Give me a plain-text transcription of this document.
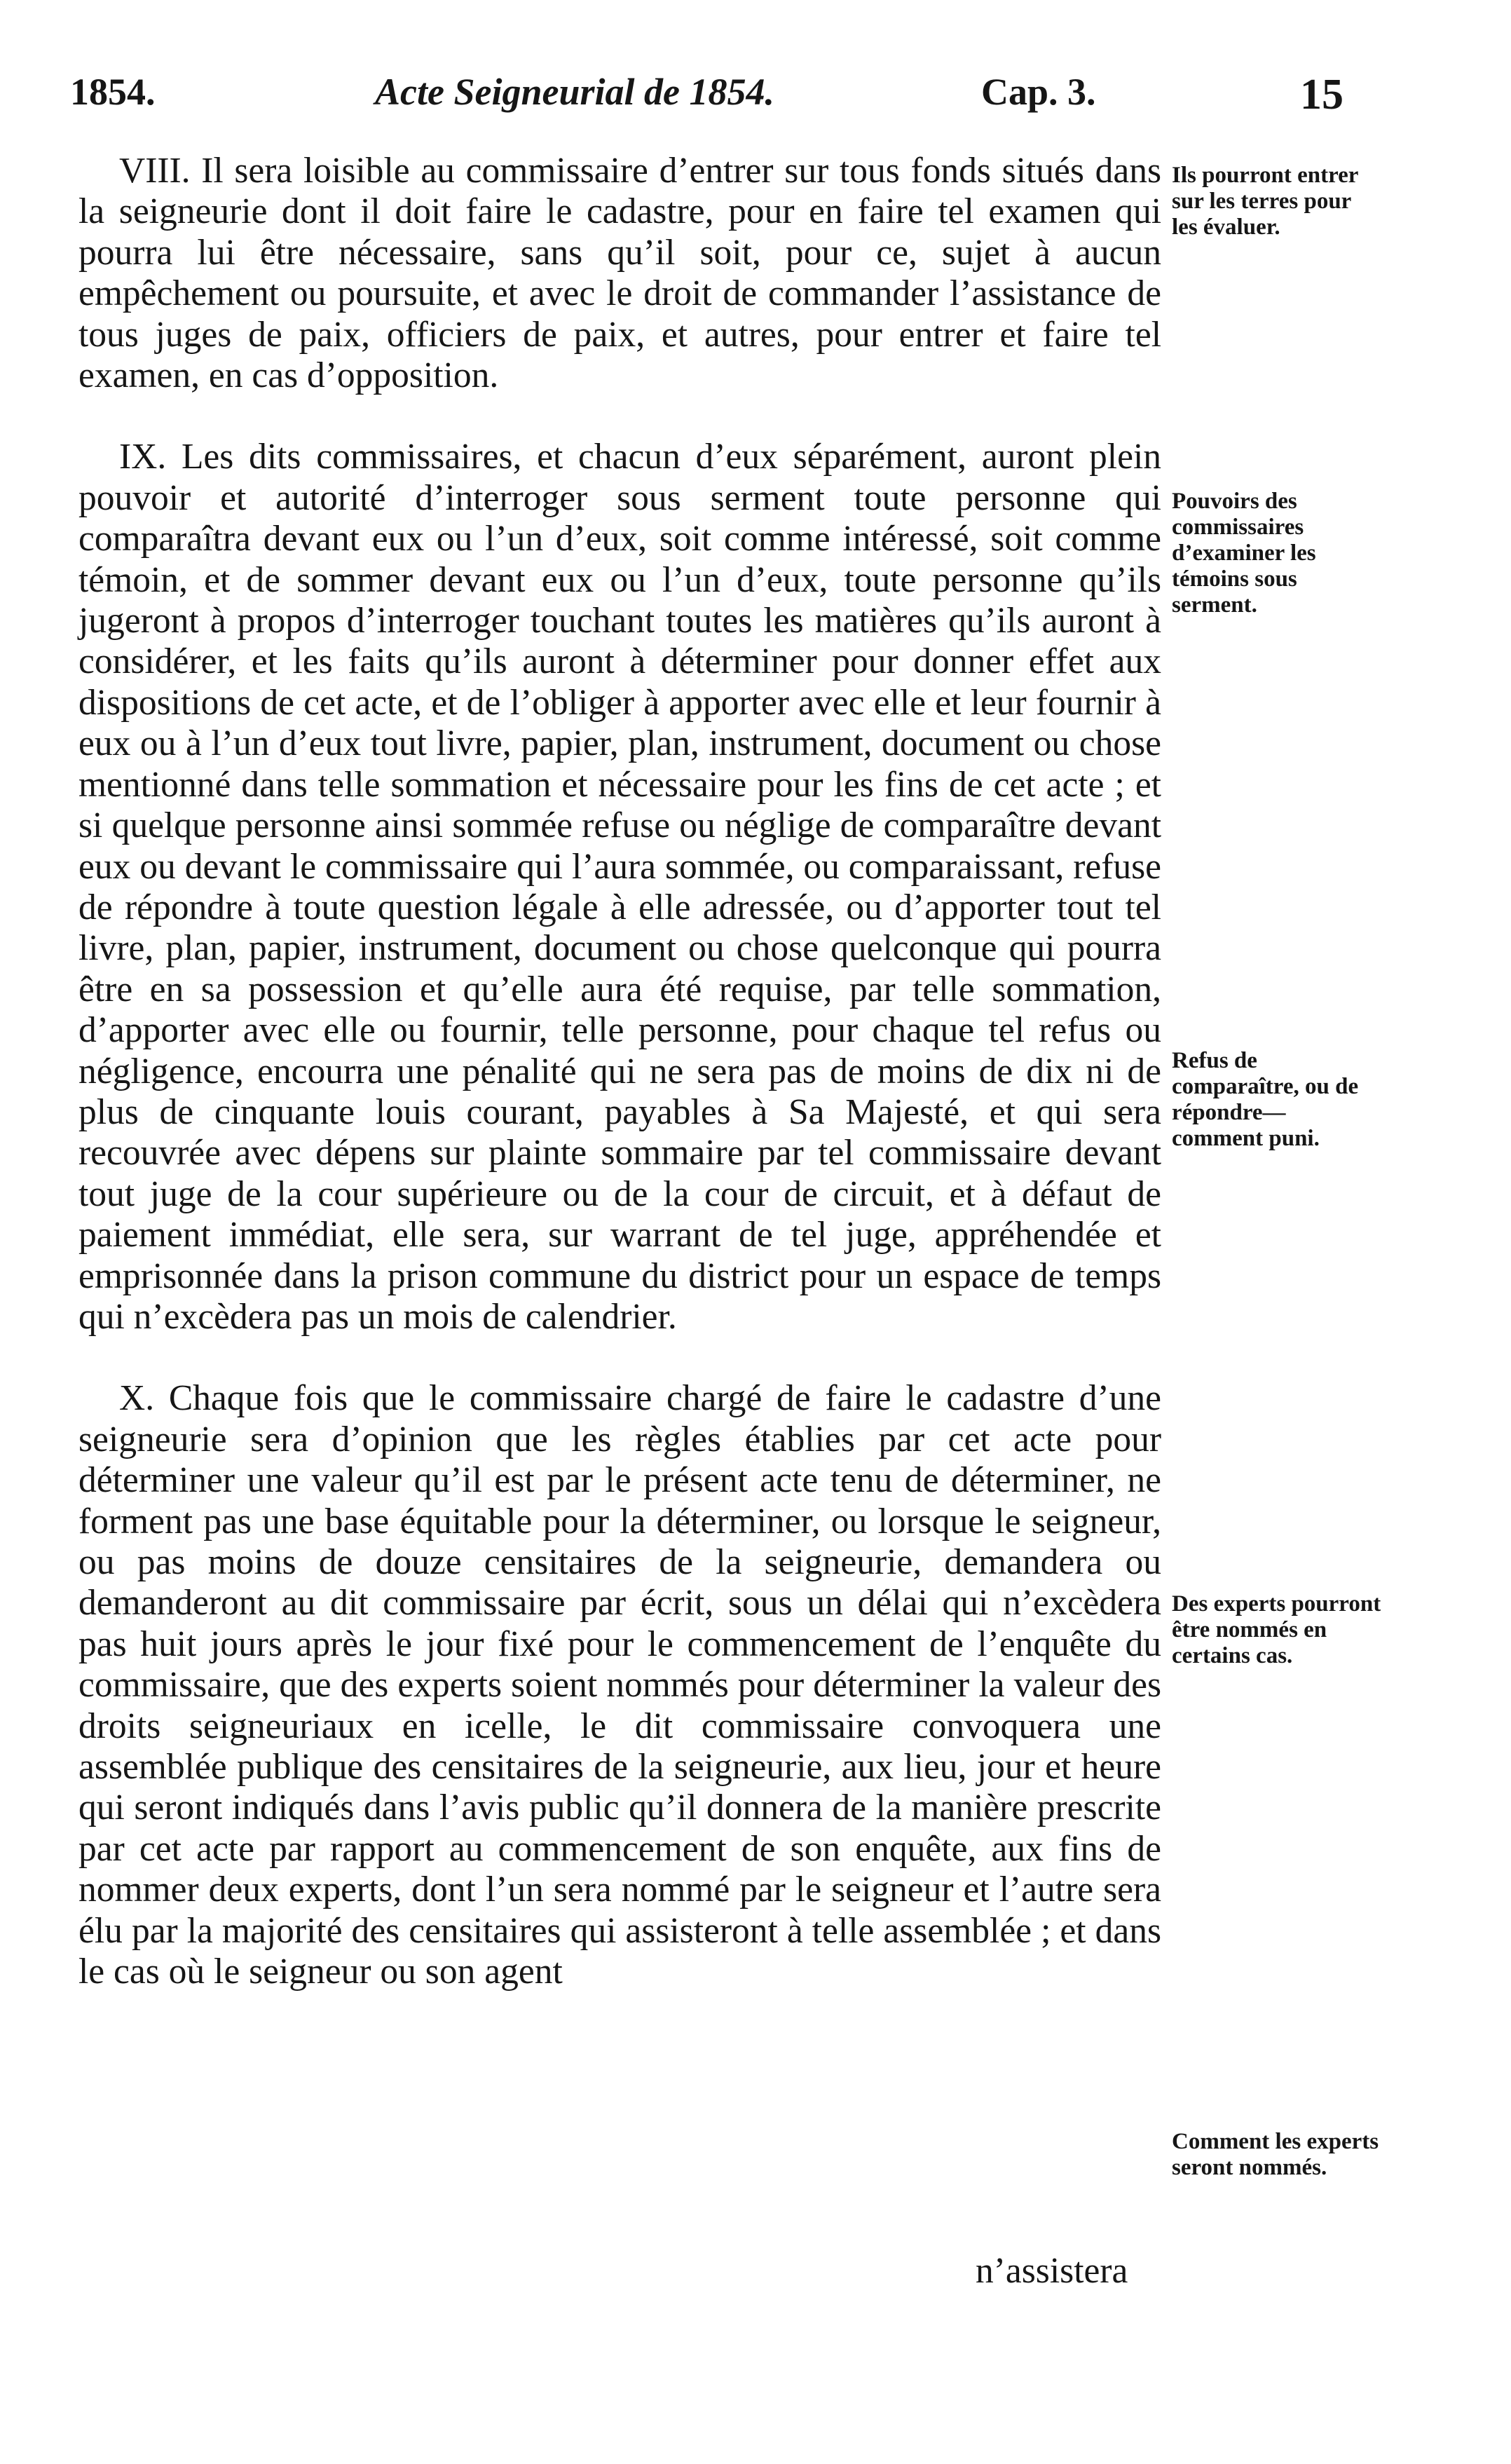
1854.	Acte Seigneurial de 1854.	Cap. 3.	15

VIII. Il sera loisible au commissaire d’entrer sur tous fonds situés dans la seigneurie dont il doit faire le cadastre, pour en faire tel examen qui pourra lui être nécessaire, sans qu’il soit, pour ce, sujet à aucun empêchement ou poursuite, et avec le droit de commander l’assistance de tous juges de paix, officiers de paix, et autres, pour entrer et faire tel examen, en cas d’opposition.

IX. Les dits commissaires, et chacun d’eux séparément, auront plein pouvoir et autorité d’interroger sous serment toute personne qui comparaîtra devant eux ou l’un d’eux, soit comme intéressé, soit comme témoin, et de sommer devant eux ou l’un d’eux, toute personne qu’ils jugeront à propos d’interroger touchant toutes les matières qu’ils auront à considérer, et les faits qu’ils auront à déterminer pour donner effet aux dispositions de cet acte, et de l’obliger à apporter avec elle et leur fournir à eux ou à l’un d’eux tout livre, papier, plan, instrument, document ou chose mentionné dans telle sommation et nécessaire pour les fins de cet acte ; et si quelque personne ainsi sommée refuse ou néglige de comparaître devant eux ou devant le commissaire qui l’aura sommée, ou comparaissant, refuse de répondre à toute question légale à elle adressée, ou d’apporter tout tel livre, plan, papier, instrument, document ou chose quelconque qui pourra être en sa possession et qu’elle aura été requise, par telle sommation, d’apporter avec elle ou fournir, telle personne, pour chaque tel refus ou négligence, encourra une pénalité qui ne sera pas de moins de dix ni de plus de cinquante louis courant, payables à Sa Majesté, et qui sera recouvrée avec dépens sur plainte sommaire par tel commissaire devant tout juge de la cour supérieure ou de la cour de circuit, et à défaut de paiement immédiat, elle sera, sur warrant de tel juge, appréhendée et emprisonnée dans la prison commune du district pour un espace de temps qui n’excèdera pas un mois de calendrier.

X. Chaque fois que le commissaire chargé de faire le cadastre d’une seigneurie sera d’opinion que les règles établies par cet acte pour déterminer une valeur qu’il est par le présent acte tenu de déterminer, ne forment pas une base équitable pour la déterminer, ou lorsque le seigneur, ou pas moins de douze censitaires de la seigneurie, demandera ou demanderont au dit commissaire par écrit, sous un délai qui n’excèdera pas huit jours après le jour fixé pour le commencement de l’enquête du commissaire, que des experts soient nommés pour déterminer la valeur des droits seigneuriaux en icelle, le dit commissaire convoquera une assemblée publique des censitaires de la seigneurie, aux lieu, jour et heure qui seront indiqués dans l’avis public qu’il donnera de la manière prescrite par cet acte par rapport au commencement de son enquête, aux fins de nommer deux experts, dont l’un sera nommé par le seigneur et l’autre sera élu par la majorité des censitaires qui assisteront à telle assemblée ; et dans le cas où le seigneur ou son agent

Ils pourront entrer sur les terres pour les évaluer.

Pouvoirs des commissaires d’examiner les témoins sous serment.

Refus de comparaître, ou de répondre— comment puni.

Des experts pourront être nommés en certains cas.

Comment les experts seront nommés.

n’assistera
